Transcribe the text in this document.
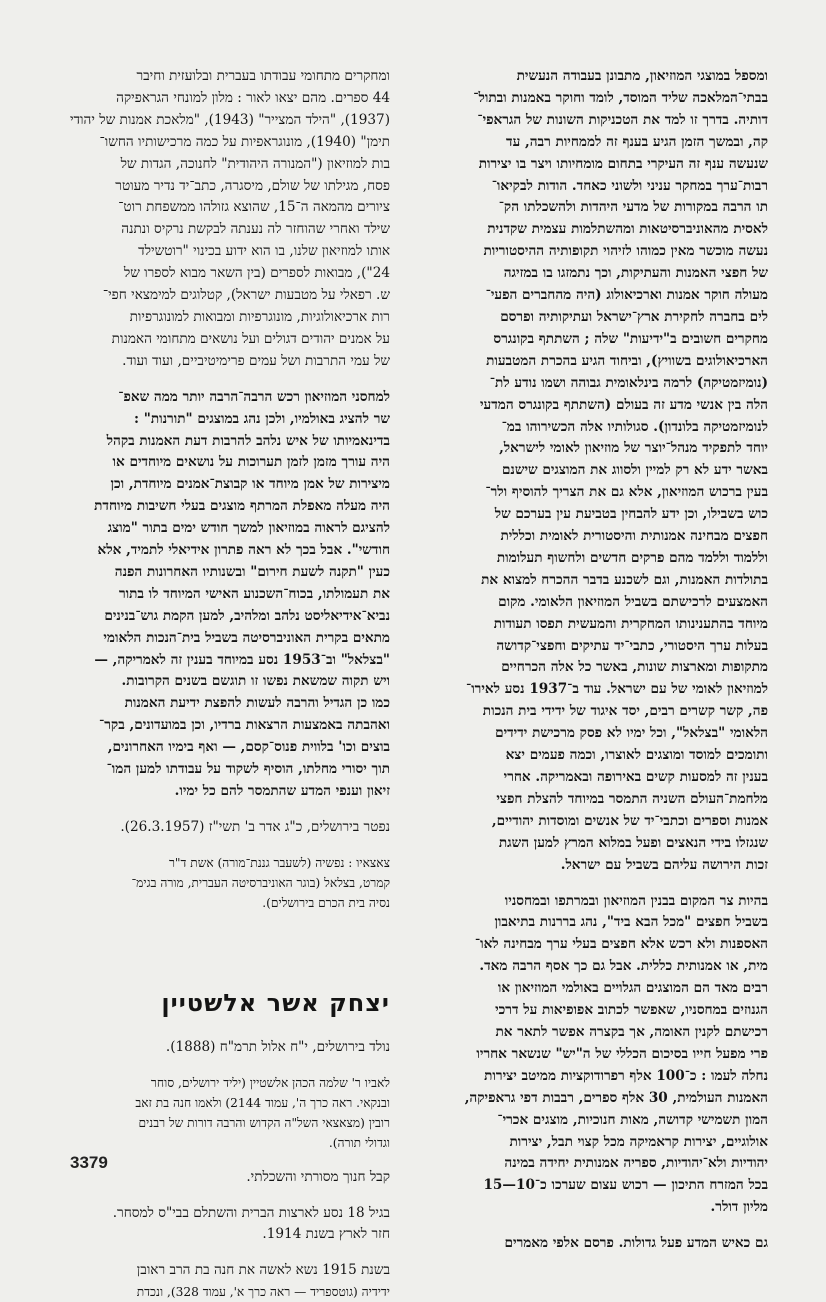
ומספל במוצגי המוזיאון, מתבונן בעבודה הנעשית
בבתי־המלאכה שליד המוסד, לומד וחוקר באמנות ובתול־
דותיה. בדרך זו למד את הטכניקות השונות של הגראפי־
קה, ובמשך הזמן הגיע בענף זה לממחיות רבה, עד
שנעשה ענף זה העיקרי בתחום מומחיותו ויצר בו יצירות
רבות־ערך במחקר עניני ולשוני כאחד. הודות לבקיאו־
תו הרבה במקורות של מדעי היהדות ולהשכלתו הק־
לאסית מהאוניברסיטאות ומהשתלמות עצמית שקדנית
נעשה מוכשר מאין כמוהו לזיהוי תקופותיה ההיסטוריות
של חפצי האמנות והעתיקות, וכך נתמזגו בו במזיגה
מעולה חוקר אמנות וארכיאולוג (היה מהחברים הפעי־
לים בחברה לחקירת ארץ־ישראל ועתיקותיה ופרסם
מחקרים חשובים ב"ידיעות" שלה ; השתתף בקונגרס
הארכיאולוגים בשוויץ), וביחוד הגיע בהכרת המטבעות
(נומיזמטיקה) לרמה בינלאומית גבוהה ושמו נודע לת־
הלה בין אנשי מדע זה בעולם (השתתף בקונגרס המדעי
לנומיזמטיקה בלונדון). סגולותיו אלה הכשירוהו במ־
יוחד לתפקיד מנהל־יוצר של מוזיאון לאומי לישראל,
באשר ידע לא רק למיין ולסווג את המוצגים שישנם
בעין ברכוש המוזיאון, אלא גם את הצריך להוסיף ולר־
כוש בשבילו, וכן ידע להבחין בטביעת עין בערכם של
חפצים מבחינה אמנותית והיסטורית לאומית וכללית
וללמוד וללמד מהם פרקים חדשים ולחשוף תעלומות
בתולדות האמנות, וגם לשכנע בדבר ההכרח למצוא את
האמצעים לרכישתם בשביל המוזיאון הלאומי. מקום
מיוחד בהתענינותו המחקרית והמעשית תפסו תעודות
בעלות ערך היסטורי, כתבי־יד עתיקים וחפצי־קדושה
מתקופות ומארצות שונות, באשר כל אלה הכרחיים
למוזיאון לאומי של עם ישראל. עוד ב־1937 נסע לאירו־
פה, קשר קשרים רבים, יסד איגוד של ידידי בית הנכות
הלאומי "בצלאל", וכל ימיו לא פסק מרכישת ידידים
ותומכים למוסד ומוצגים לאוצרו, וכמה פעמים יצא
בענין זה למסעות קשים באירופה ובאמריקה. אחרי
מלחמת־העולם השניה התמסר במיוחד להצלת חפצי
אמנות וספרים וכתבי־יד של אנשים ומוסדות יהודיים,
שנגזלו בידי הנאצים ופעל במלוא המרץ למען השגת
זכות הירושה עליהם בשביל עם ישראל.
בהיות צר המקום בבנין המוזיאון ובמרתפו ובמחסניו
בשביל חפצים "מכל הבא ביד", נהג בררנות בתיאבון
האספנות ולא רכש אלא חפצים בעלי ערך מבחינה לאו־
מית, או אמנותית כללית. אבל גם כך אסף הרבה מאד.
רבים מאד הם המוצגים הגלויים באולמי המוזיאון או
הגנוזים במחסניו, שאפשר לכתוב אפופיאות על דרכי
רכישתם לקנין האומה, אך בקצרה אפשר לתאר את
פרי מפעל חייו בסיכום הכללי של ה"יש" שנשאר אחריו
נחלה לעמו : כ־100 אלף רפרודוקציות ממיטב יצירות
האמנות העולמית, 30 אלף ספרים, רבבות דפי גראפיקה,
המון תשמישי קדושה, מאות חנוכיות, מוצגים אכרי־
אולוגיים, יצירות קראמיקה מכל קצוי תבל, יצירות
יהודיות ולא־יהודיות, ספריה אמנותית יחידה במינה
בכל המזרח התיכון — רכוש עצום שערכו כ־10—15
מליון דולר.
גם כאיש המדע פעל גדולות. פרסם אלפי מאמרים
ומחקרים מתחומי עבודתו בעברית ובלועזית וחיבר
44 ספרים. מהם יצאו לאור : מלון למונחי הגראפיקה
(1937), "הילד המצייר" (1943), "מלאכת אמנות של יהודי
תימן" (1940), מונוגראפיות על כמה מרכישותיו החשו־
בות למוזיאון ("המנורה היהודית" לחנוכה, הגדות של
פסח, מגילתו של שולם, מיסגרה, כתב־יד נדיר מעוטר
ציורים מהמאה ה־15, שהוצא גזולהו ממשפחת רוט־
שילד ואחרי שהוחזר לה נענתה לבקשת נרקיס ונתנה
אותו למוזיאון שלנו, בו הוא ידוע בכינוי "רוטשילד
24"), מבואות לספרים (בין השאר מבוא לספרו של
ש. רפאלי על מטבעות ישראל), קטלוגים למימצאי חפי־
רות ארכיאולוגיות, מונוגרפיות ומבואות למונוגרפיות
על אמנים יהודים דגולים ועל נושאים מתחומי האמנות
של עמי התרבות ושל עמים פרימיטיביים, ועוד ועוד.
למחסני המוזיאון רכש הרבה־הרבה יותר ממה שאפ־
שר להציג באולמיו, ולכן נהג במוצגים "תורנות" :
בדינאמיותו של איש נלהב להרבות דעת האמנות בקהל
היה עורך מזמן לזמן תערוכות על נושאים מיוחדים או
מיצירות של אמן מיוחד או קבוצת־אמנים מיוחדת, וכן
היה מעלה מאפלת המרתף מוצגים בעלי חשיבות מיוחדת
להציגם לראוה במוזיאון למשך חודש ימים בתור "מוצג
חודשי". אבל בכך לא ראה פתרון אידיאלי לתמיד, אלא
כעין "תקנה לשעת חירום" ובשנותיו האחרונות הפנה
את תעמולתו, בכוח־השכנוע האישי המיוחד לו בתור
נביא־אידיאליסט נלהב ומלהיב, למען הקמת גוש־בנינים
מתאים בקרית האוניברסיטה בשביל בית־הנכות הלאומי
"בצלאל" וב־1953 נסע במיוחד בענין זה לאמריקה, —
ויש תקוה שמשאת נפשו זו תוגשם בשנים הקרובות.
כמו כן הגדיל והרבה לעשות להפצת ידיעת האמנות
ואהבתה באמצעות הרצאות ברדיו, וכן במועדונים, בקר־
בוצים וכו' בלווית פנוס־קסם, — ואף בימיו האחרונים,
תוך יסורי מחלתו, הוסיף לשקוד על עבודתו למען המו־
זיאון וענפי המדע שהתמסר להם כל ימיו.
נפטר בירושלים, כ"ג אדר ב' תשי"ז (26.3.1957).
צאצאיו : נפשיה (לשעבר גננת־מורה) אשת ד"ר
קמרט, בצלאל (בוגר האוניברסיטה העברית, מורה בגימ־
נסיה בית הכרם בירושלים).
יצחק אשר אלשטיין
נולד בירושלים, י"ח אלול תרמ"ח (1888).
לאביו ר' שלמה הכהן אלשטיין (יליד ירושלים, סוחר
ובנקאי. ראה כרך ה', עמוד 2144) ולאמו חנה בת זאב
רובין (מצאצאי השל"ה הקדוש והרבה דורות של רבנים
וגדולי תורה).
קבל חנוך מסורתי והשכלתי.
בגיל 18 נסע לארצות הברית והשתלם בבי"ס למסחר.
חזר לארץ בשנת 1914.
בשנת 1915 נשא לאשה את חנה בת הרב ראובן
ידידיה (גוטספריד — ראה כרך א', עמוד 328), ונכדת
3379
